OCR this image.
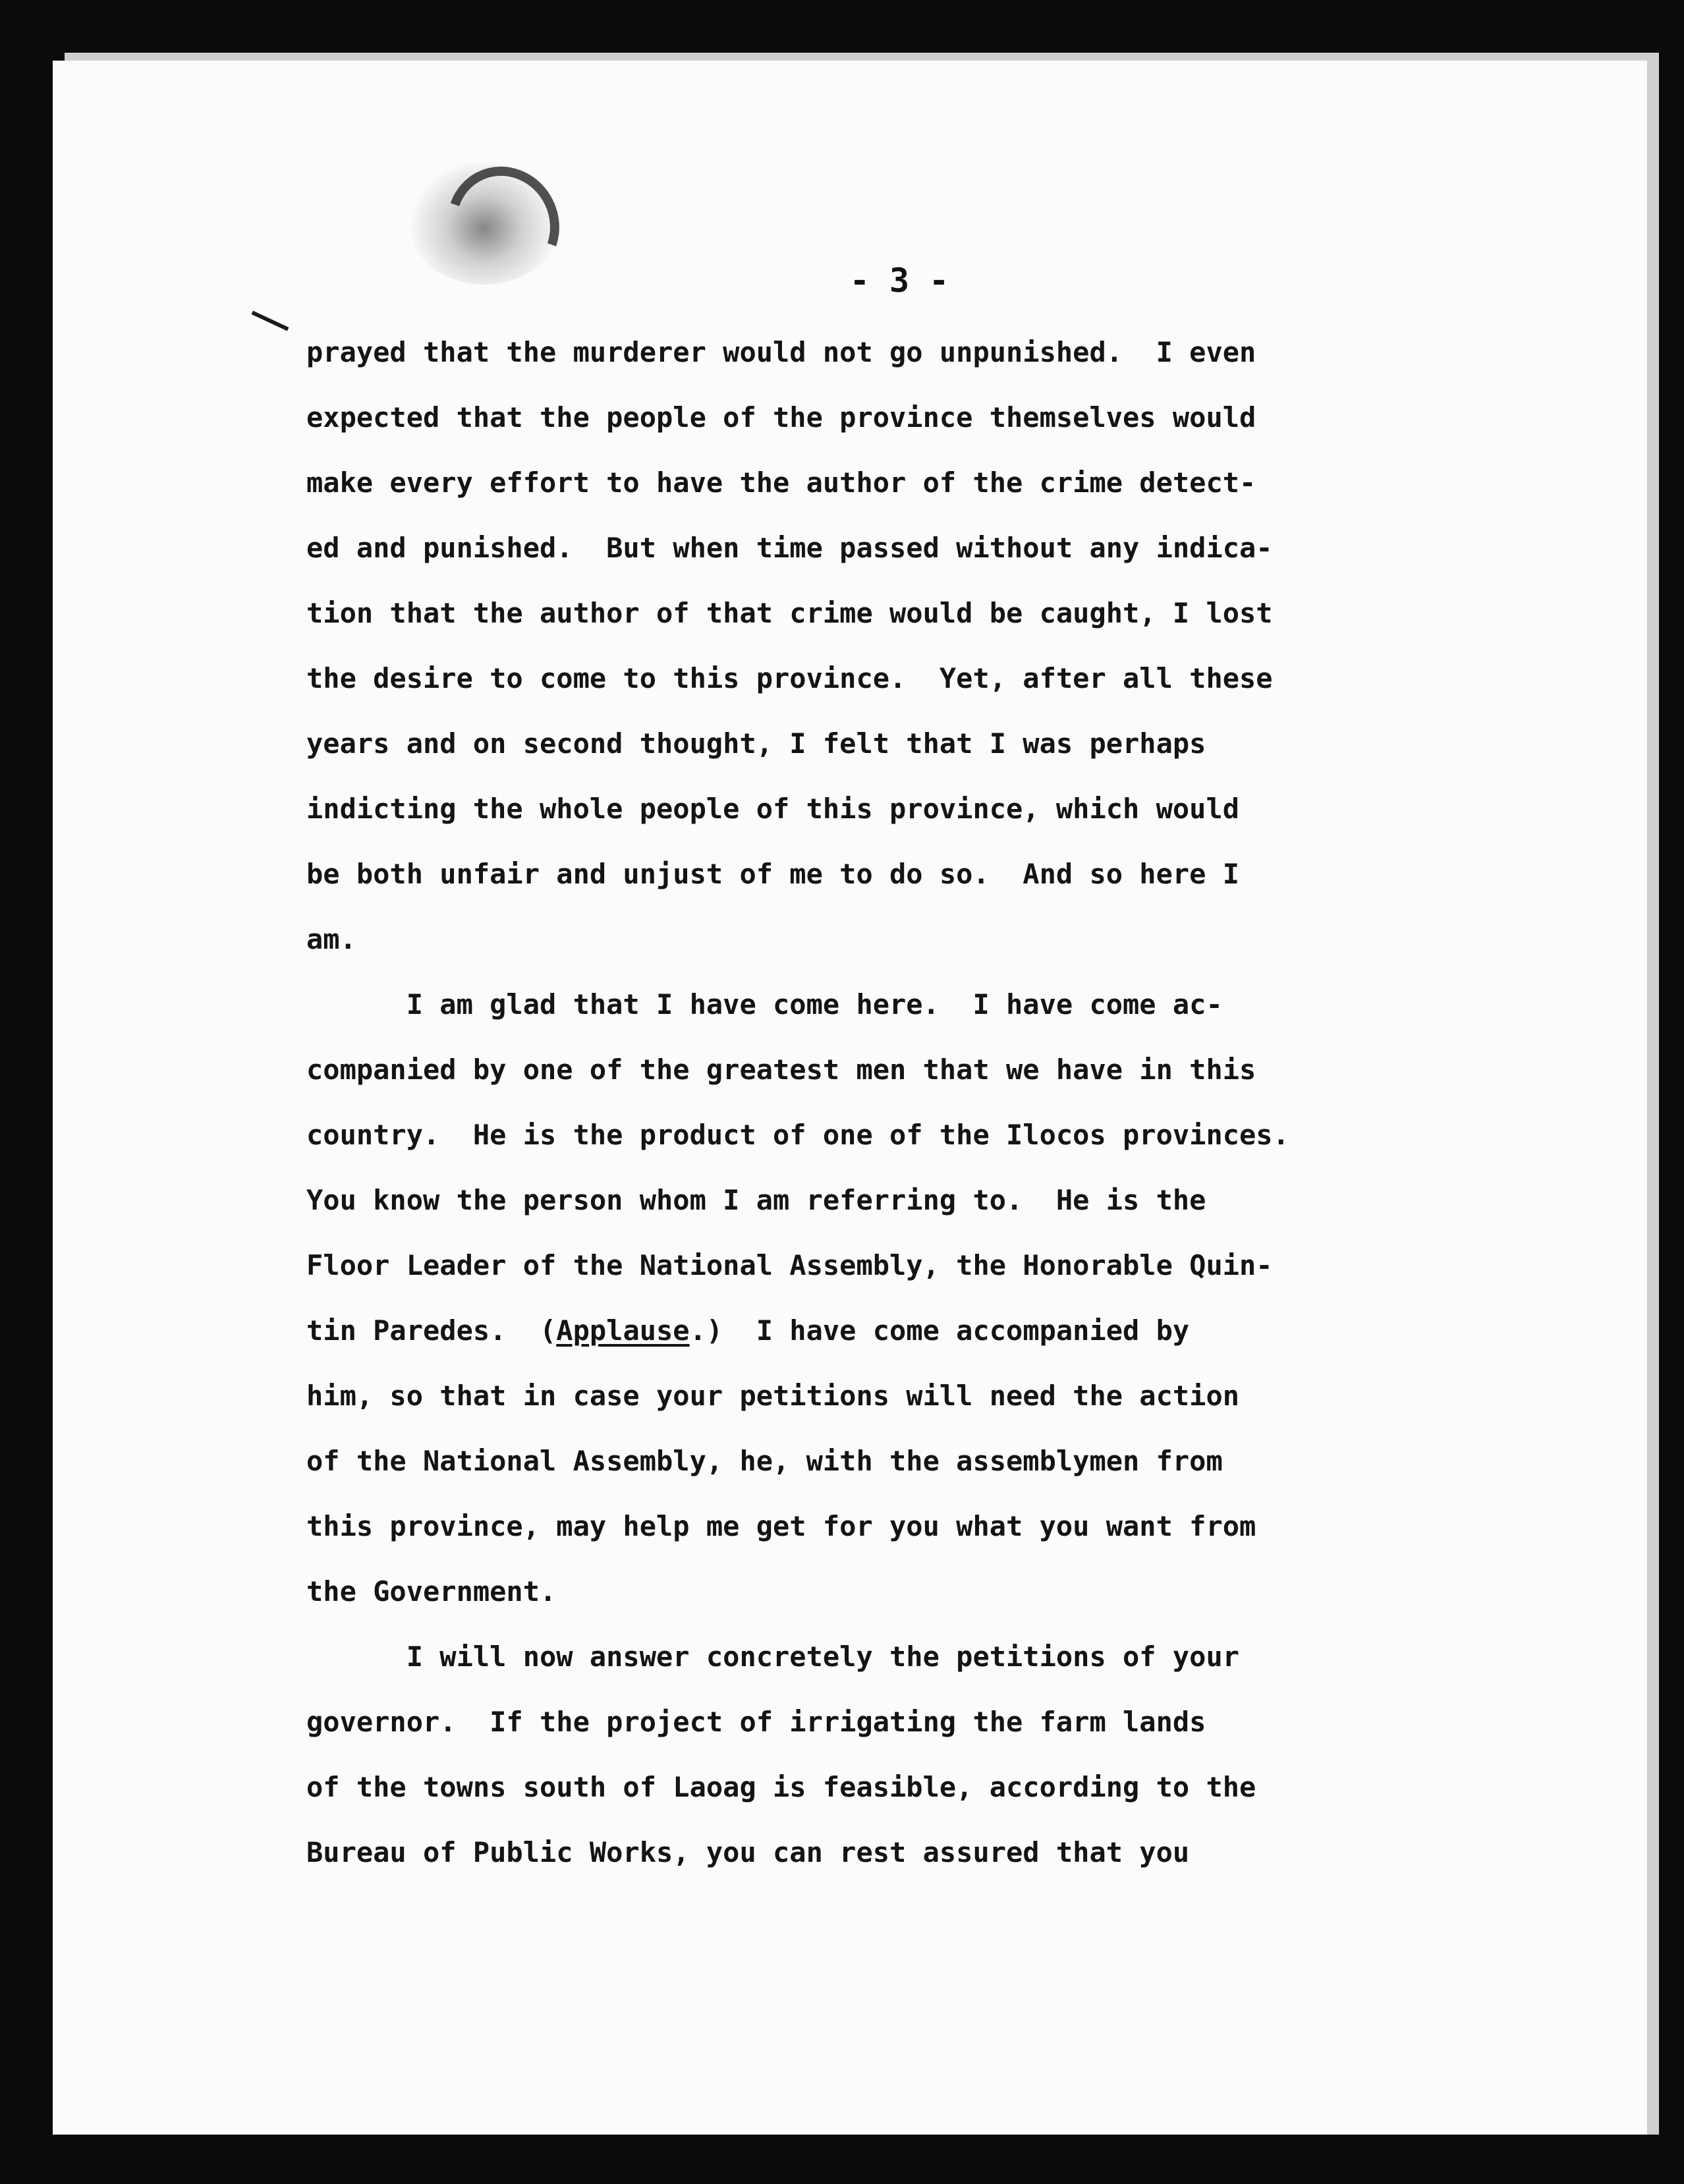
- 3 -
prayed that the murderer would not go unpunished.  I even
expected that the people of the province themselves would
make every effort to have the author of the crime detect-
ed and punished.  But when time passed without any indica-
tion that the author of that crime would be caught, I lost
the desire to come to this province.  Yet, after all these
years and on second thought, I felt that I was perhaps
indicting the whole people of this province, which would
be both unfair and unjust of me to do so.  And so here I
am.
I am glad that I have come here.  I have come ac-
companied by one of the greatest men that we have in this
country.  He is the product of one of the Ilocos provinces.
You know the person whom I am referring to.  He is the
Floor Leader of the National Assembly, the Honorable Quin-
tin Paredes.  (Applause.)  I have come accompanied by
him, so that in case your petitions will need the action
of the National Assembly, he, with the assemblymen from
this province, may help me get for you what you want from
the Government.
I will now answer concretely the petitions of your
governor.  If the project of irrigating the farm lands
of the towns south of Laoag is feasible, according to the
Bureau of Public Works, you can rest assured that you
